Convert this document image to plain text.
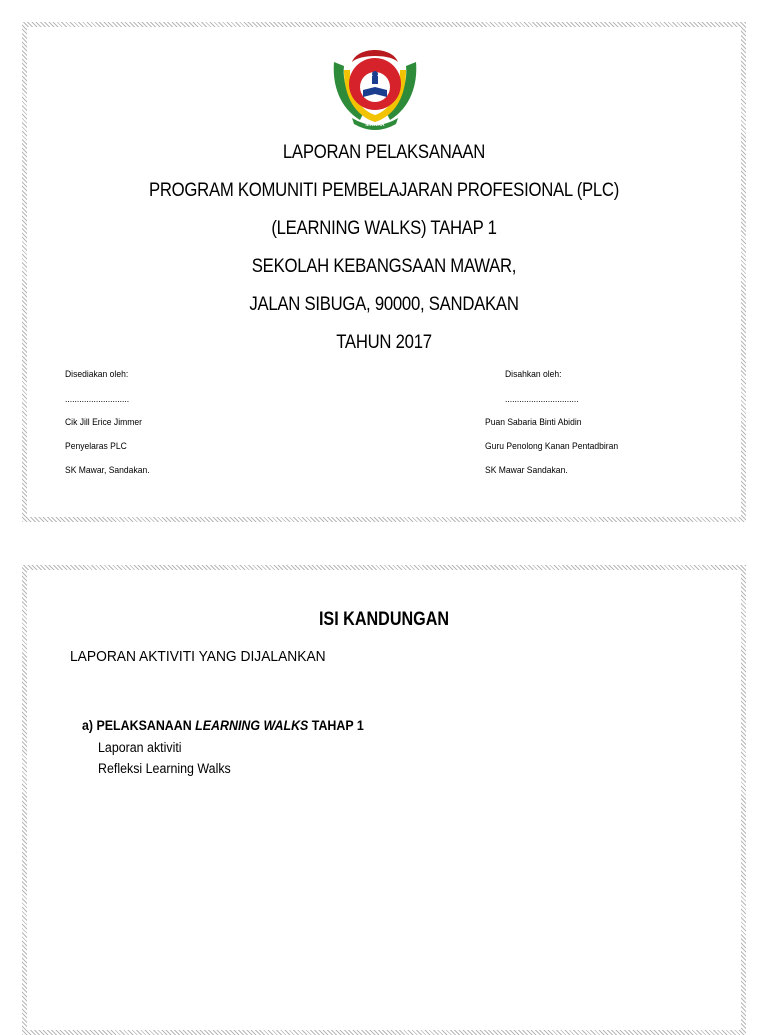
MAWAR
LAPORAN PELAKSANAAN
PROGRAM KOMUNITI PEMBELAJARAN PROFESIONAL (PLC)
(LEARNING WALKS) TAHAP 1
SEKOLAH KEBANGSAAN MAWAR,
JALAN SIBUGA, 90000, SANDAKAN
TAHUN 2017
Disediakan oleh:
...........................
Cik Jill Erice Jimmer
Penyelaras PLC
SK Mawar, Sandakan.
Disahkan oleh:
...............................
Puan Sabaria Binti Abidin
Guru Penolong Kanan Pentadbiran
SK Mawar Sandakan.
ISI KANDUNGAN
LAPORAN AKTIVITI YANG DIJALANKAN
a) PELAKSANAAN LEARNING WALKS TAHAP 1
Laporan aktiviti
Refleksi Learning Walks
